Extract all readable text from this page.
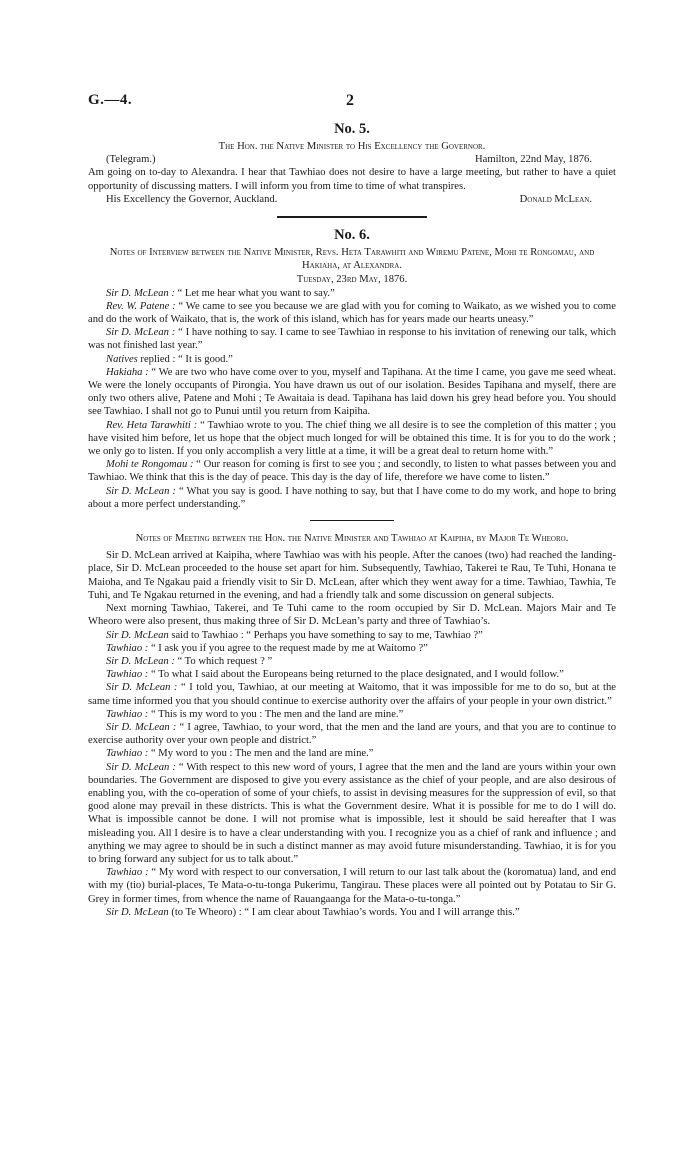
G.—4.	2

No. 5.

The Hon. the Native Minister to His Excellency the Governor.

(Telegram.)	Hamilton, 22nd May, 1876.

Am going on to-day to Alexandra. I hear that Tawhiao does not desire to have a large meeting, but rather to have a quiet opportunity of discussing matters. I will inform you from time to time of what transpires.

His Excellency the Governor, Auckland.	Donald McLean.

No. 6.

Notes of Interview between the Native Minister, Revs. Heta Tarawhiti and Wiremu Patene, Mohi te Rongomau, and Hakiaha, at Alexandra.

Tuesday, 23rd May, 1876.

Sir D. McLean : “ Let me hear what you want to say.”

Rev. W. Patene : “ We came to see you because we are glad with you for coming to Waikato, as we wished you to come and do the work of Waikato, that is, the work of this island, which has for years made our hearts uneasy.”

Sir D. McLean : “ I have nothing to say. I came to see Tawhiao in response to his invitation of renewing our talk, which was not finished last year.”

Natives replied : “ It is good.”

Hakiaha : “ We are two who have come over to you, myself and Tapihana. At the time I came, you gave me seed wheat. We were the lonely occupants of Pirongia. You have drawn us out of our isolation. Besides Tapihana and myself, there are only two others alive, Patene and Mohi ; Te Awaitaia is dead. Tapihana has laid down his grey head before you. You should see Tawhiao. I shall not go to Punui until you return from Kaipiha.

Rev. Heta Tarawhiti : “ Tawhiao wrote to you. The chief thing we all desire is to see the completion of this matter ; you have visited him before, let us hope that the object much longed for will be obtained this time. It is for you to do the work ; we only go to listen. If you only accomplish a very little at a time, it will be a great deal to return home with.”

Mohi te Rongomau : “ Our reason for coming is first to see you ; and secondly, to listen to what passes between you and Tawhiao. We think that this is the day of peace. This day is the day of life, therefore we have come to listen.”

Sir D. McLean : “ What you say is good. I have nothing to say, but that I have come to do my work, and hope to bring about a more perfect understanding.”

Notes of Meeting between the Hon. the Native Minister and Tawhiao at Kaipiha, by Major Te Wheoro.

Sir D. McLean arrived at Kaipiha, where Tawhiao was with his people. After the canoes (two) had reached the landing-place, Sir D. McLean proceeded to the house set apart for him. Subsequently, Tawhiao, Takerei te Rau, Te Tuhi, Honana te Maioha, and Te Ngakau paid a friendly visit to Sir D. McLean, after which they went away for a time. Tawhiao, Tawhia, Te Tuhi, and Te Ngakau returned in the evening, and had a friendly talk and some discussion on general subjects.

Next morning Tawhiao, Takerei, and Te Tuhi came to the room occupied by Sir D. McLean. Majors Mair and Te Wheoro were also present, thus making three of Sir D. McLean’s party and three of Tawhiao’s.

Sir D. McLean said to Tawhiao : “ Perhaps you have something to say to me, Tawhiao ?”

Tawhiao : “ I ask you if you agree to the request made by me at Waitomo ?”

Sir D. McLean : “ To which request ? ”

Tawhiao : “ To what I said about the Europeans being returned to the place designated, and I would follow.”

Sir D. McLean : “ I told you, Tawhiao, at our meeting at Waitomo, that it was impossible for me to do so, but at the same time informed you that you should continue to exercise authority over the affairs of your people in your own district.”

Tawhiao : “ This is my word to you : The men and the land are mine.”

Sir D. McLean : “ I agree, Tawhiao, to your word, that the men and the land are yours, and that you are to continue to exercise authority over your own people and district.”

Tawhiao : “ My word to you : The men and the land are mine.”

Sir D. McLean : “ With respect to this new word of yours, I agree that the men and the land are yours within your own boundaries. The Government are disposed to give you every assistance as the chief of your people, and are also desirous of enabling you, with the co-operation of some of your chiefs, to assist in devising measures for the suppression of evil, so that good alone may prevail in these districts. This is what the Government desire. What it is possible for me to do I will do. What is impossible cannot be done. I will not promise what is impossible, lest it should be said hereafter that I was misleading you. All I desire is to have a clear understanding with you. I recognize you as a chief of rank and influence ; and anything we may agree to should be in such a distinct manner as may avoid future misunderstanding. Tawhiao, it is for you to bring forward any subject for us to talk about.”

Tawhiao : “ My word with respect to our conversation, I will return to our last talk about the (koromatua) land, and end with my (tio) burial-places, Te Mata-o-tu-tonga Pukerimu, Tangirau. These places were all pointed out by Potatau to Sir G. Grey in former times, from whence the name of Rauangaanga for the Mata-o-tu-tonga.”

Sir D. McLean (to Te Wheoro) : “ I am clear about Tawhiao’s words. You and I will arrange this.”
